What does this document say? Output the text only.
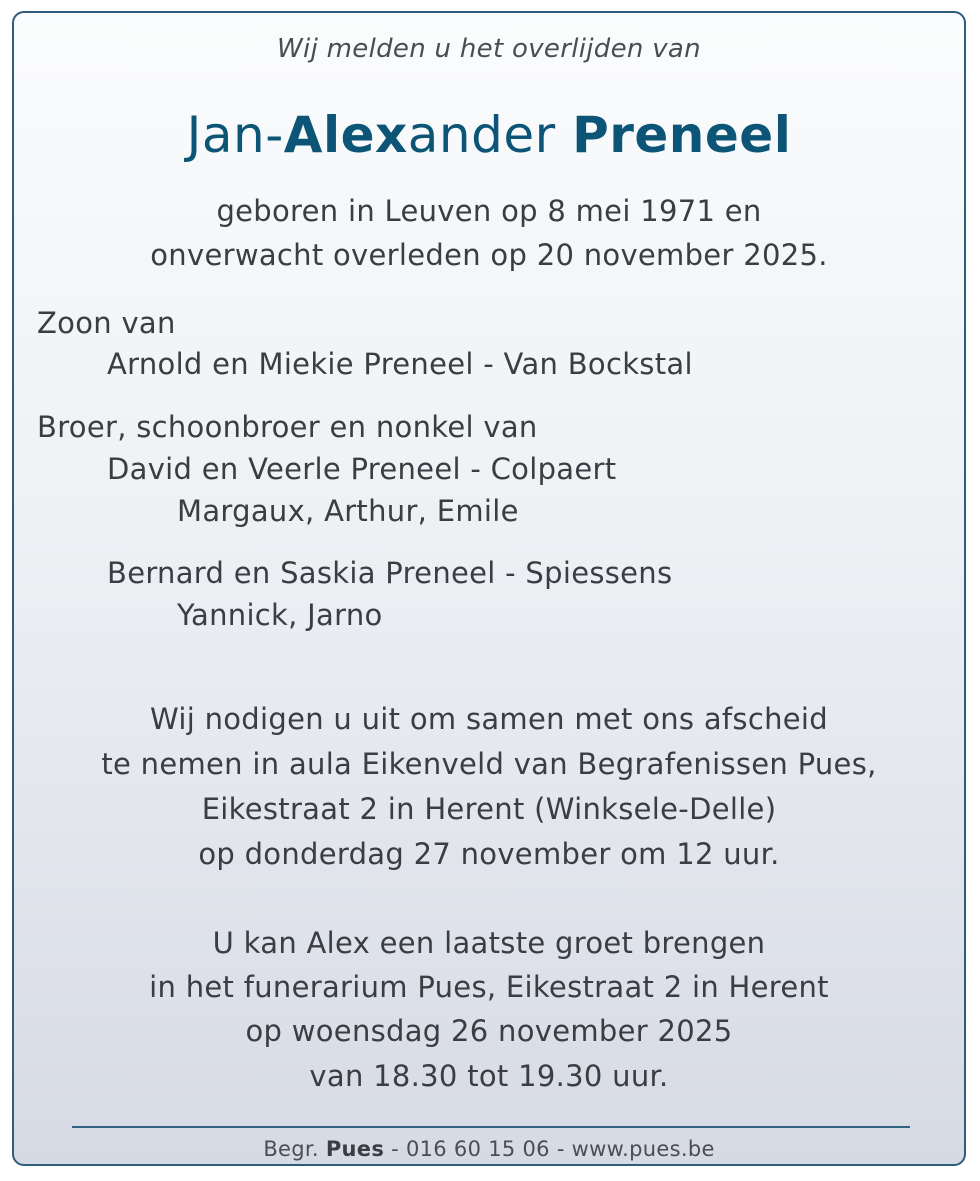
Wij melden u het overlijden van
Jan-Alexander Preneel
geboren in Leuven op 8 mei 1971 en
onverwacht overleden op 20 november 2025.
Zoon van
Arnold en Miekie Preneel - Van Bockstal
Broer, schoonbroer en nonkel van
David en Veerle Preneel - Colpaert
Margaux, Arthur, Emile
Bernard en Saskia Preneel - Spiessens
Yannick, Jarno
Wij nodigen u uit om samen met ons afscheid
te nemen in aula Eikenveld van Begrafenissen Pues,
Eikestraat 2 in Herent (Winksele-Delle)
op donderdag 27 november om 12 uur.
U kan Alex een laatste groet brengen
in het funerarium Pues, Eikestraat 2 in Herent
op woensdag 26 november 2025
van 18.30 tot 19.30 uur.
Begr. Pues - 016 60 15 06 - www.pues.be
